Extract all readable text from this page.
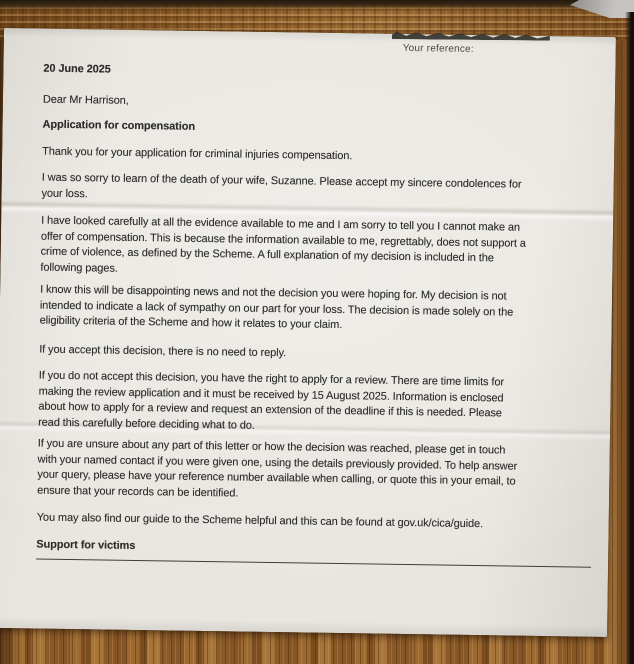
Your reference:

20 June 2025

Dear Mr Harrison,

Application for compensation

Thank you for your application for criminal injuries compensation.

I was so sorry to learn of the death of your wife, Suzanne. Please accept my sincere condolences for
your loss.

I have looked carefully at all the evidence available to me and I am sorry to tell you I cannot make an
offer of compensation. This is because the information available to me, regrettably, does not support a
crime of violence, as defined by the Scheme. A full explanation of my decision is included in the
following pages.

I know this will be disappointing news and not the decision you were hoping for. My decision is not
intended to indicate a lack of sympathy on our part for your loss. The decision is made solely on the
eligibility criteria of the Scheme and how it relates to your claim.

If you accept this decision, there is no need to reply.

If you do not accept this decision, you have the right to apply for a review. There are time limits for
making the review application and it must be received by 15 August 2025. Information is enclosed
about how to apply for a review and request an extension of the deadline if this is needed. Please
read this carefully before deciding what to do.

If you are unsure about any part of this letter or how the decision was reached, please get in touch
with your named contact if you were given one, using the details previously provided. To help answer
your query, please have your reference number available when calling, or quote this in your email, to
ensure that your records can be identified.

You may also find our guide to the Scheme helpful and this can be found at gov.uk/cica/guide.

Support for victims
